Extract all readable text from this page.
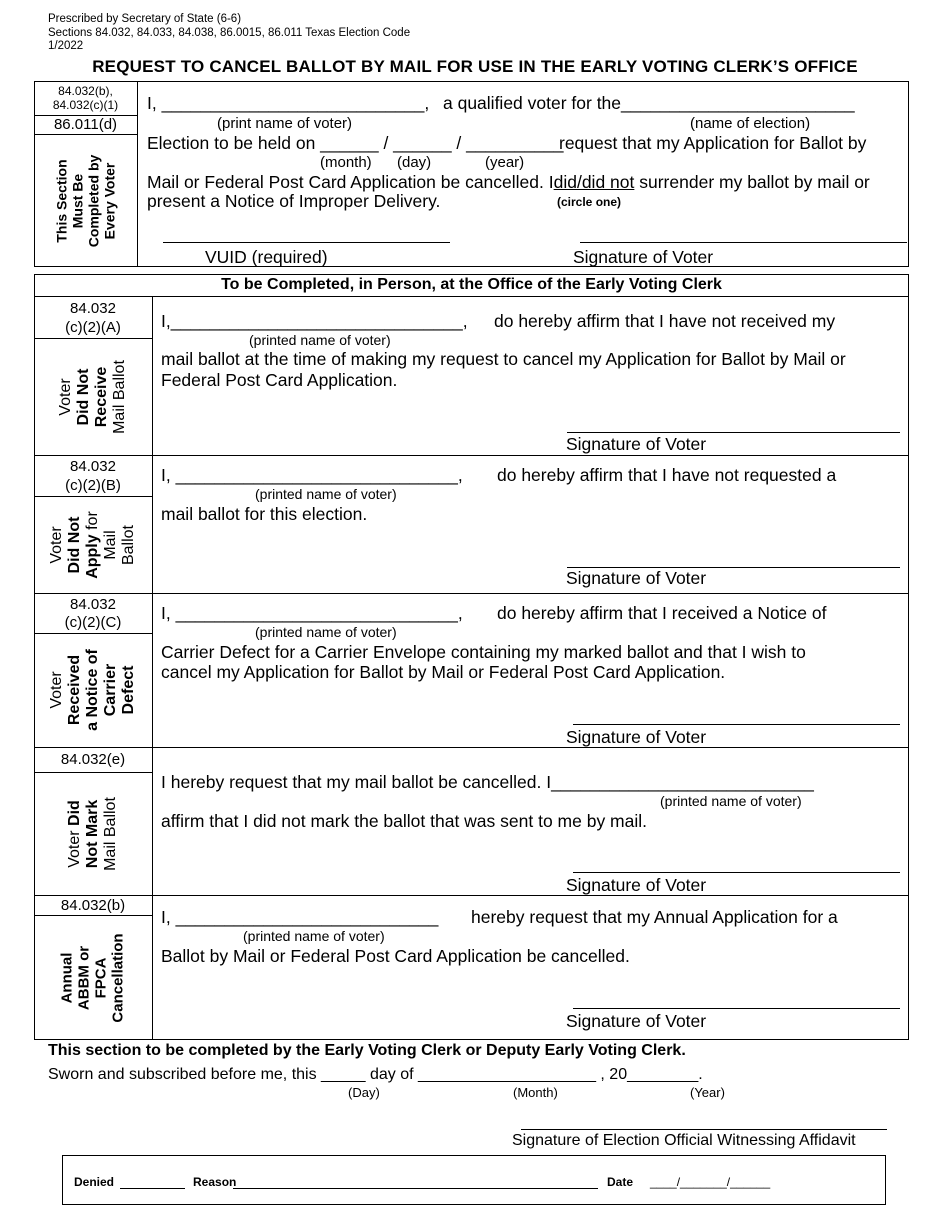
Prescribed by Secretary of State (6-6)
Sections 84.032, 84.033, 84.038, 86.0015, 86.011 Texas Election Code
1/2022
REQUEST TO CANCEL BALLOT BY MAIL FOR USE IN THE EARLY VOTING CLERK’S OFFICE
84.032(b),
84.032(c)(1)
86.011(d)
This Section Must Be Completed by Every Voter
I, ___________________________, a qualified voter for the________________________
(print name of voter)	(name of election)
Election to be held on ______ / ______ / __________
request that my Application for Ballot by
(month) (day)	(year)
Mail or Federal Post Card Application be cancelled. Idid/did not surrender my ballot by mail or
present a Notice of Improper Delivery.	(circle one)
VUID (required)	Signature of Voter
To be Completed, in Person, at the Office of the Early Voting Clerk
84.032
(c)(2)(A)
Voter Did Not Receive Mail Ballot
I,______________________________, do hereby affirm that I have not received my
(printed name of voter)
mail ballot at the time of making my request to cancel my Application for Ballot by Mail or
Federal Post Card Application.
Signature of Voter
84.032
(c)(2)(B)
Voter Did Not Apply for
Mail Ballot
I, _____________________________, do hereby affirm that I have not requested a
(printed name of voter)
mail ballot for this election.
Signature of Voter
84.032
(c)(2)(C)
Voter Received a Notice of Carrier Defect
I, _____________________________, do hereby affirm that I received a Notice of
(printed name of voter)
Carrier Defect for a Carrier Envelope containing my marked ballot and that I wish to
cancel my Application for Ballot by Mail or Federal Post Card Application.
Signature of Voter
84.032(e)
Voter Did Not Mark Mail Ballot
I hereby request that my mail ballot be cancelled. I___________________________
(printed name of voter)
affirm that I did not mark the ballot that was sent to me by mail.
Signature of Voter
84.032(b)
Annual ABBM or FPCA Cancellation
I, ___________________________ hereby request that my Annual Application for a
(printed name of voter)
Ballot by Mail or Federal Post Card Application be cancelled.
Signature of Voter
This section to be completed by the Early Voting Clerk or Deputy Early Voting Clerk.
Sworn and subscribed before me, this _____ day of ____________________ , 20________.
(Day)	(Month)	(Year)
Signature of Election Official Witnessing Affidavit
Denied	Reason	Date ____/_______/______
